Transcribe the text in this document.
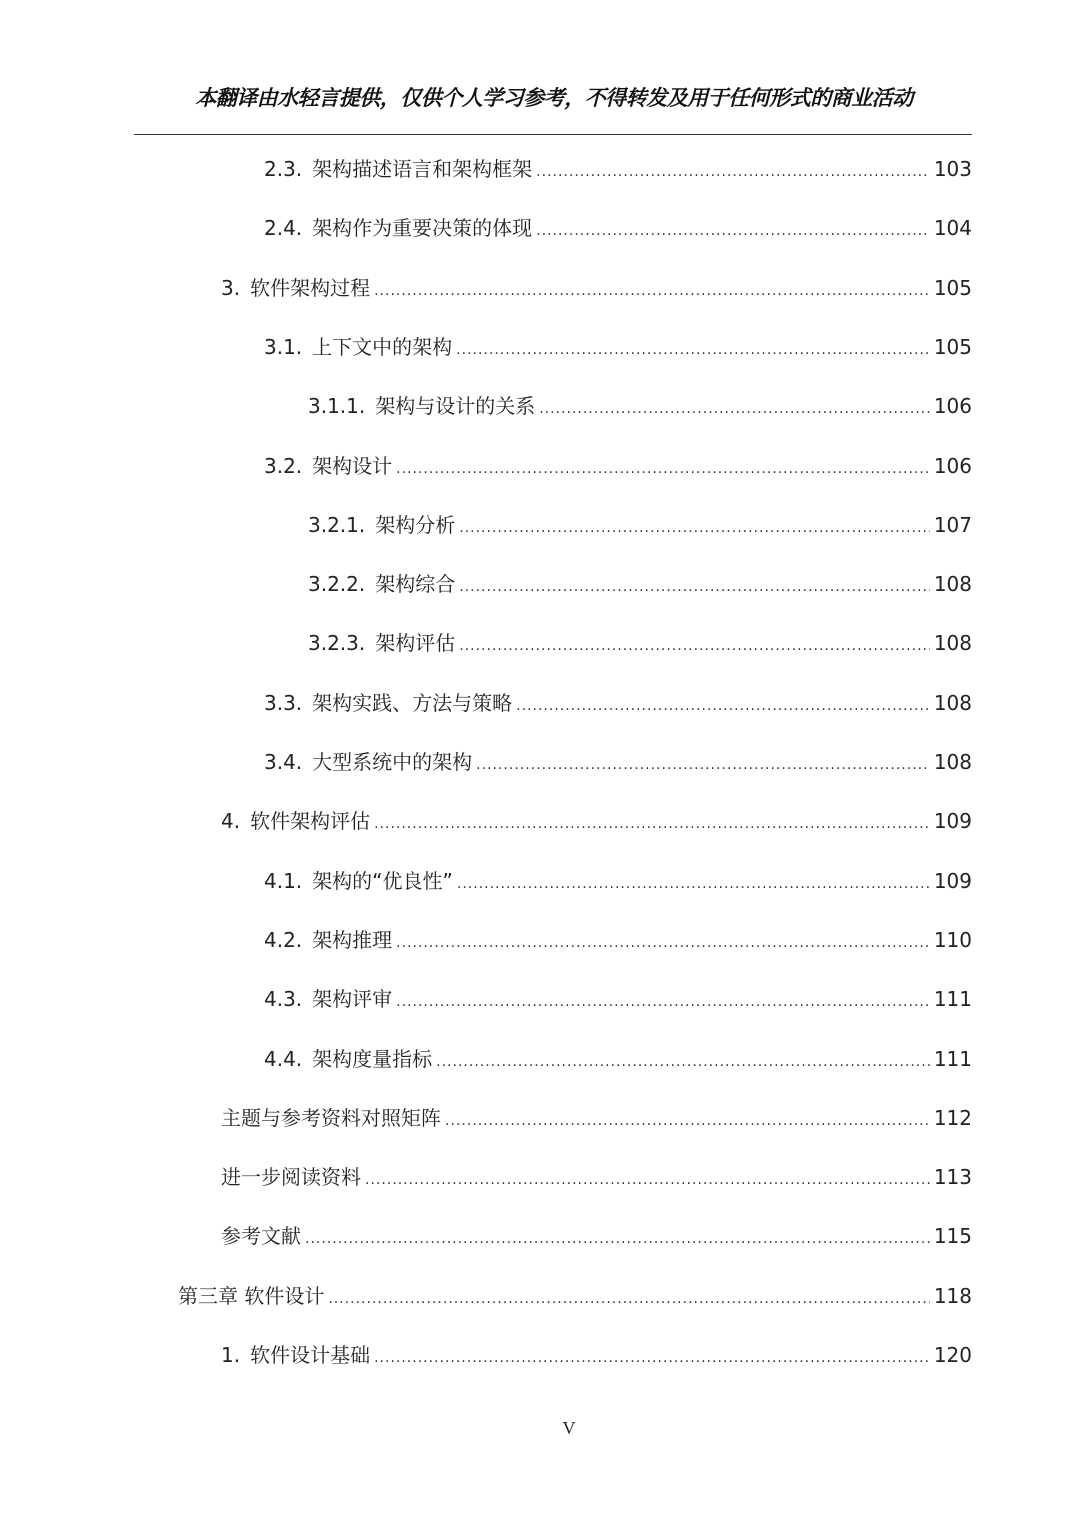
本翻译由水轻言提供，仅供个人学习参考，不得转发及用于任何形式的商业活动
2.3. 架构描述语言和架构框架 .....	103
2.4. 架构作为重要决策的体现 .....	104
3. 软件架构过程 .....	105
3.1. 上下文中的架构 .....	105
3.1.1. 架构与设计的关系 .....	106
3.2. 架构设计 .....	106
3.2.1. 架构分析 .....	107
3.2.2. 架构综合 .....	108
3.2.3. 架构评估 .....	108
3.3. 架构实践、方法与策略 .....	108
3.4. 大型系统中的架构 .....	108
4. 软件架构评估 .....	109
4.1. 架构的“优良性” .....	109
4.2. 架构推理 .....	110
4.3. 架构评审 .....	111
4.4. 架构度量指标 .....	111
主题与参考资料对照矩阵 .....	112
进一步阅读资料 .....	113
参考文献 .....	115
第三章 软件设计 .....	118
1. 软件设计基础 .....	120
V
